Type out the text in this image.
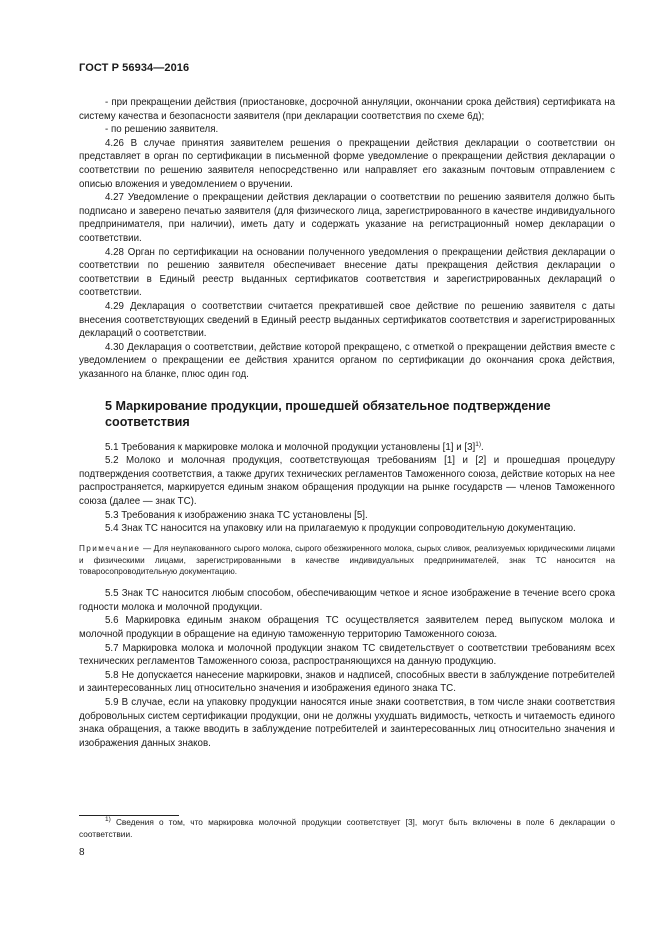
ГОСТ Р 56934—2016

- при прекращении действия (приостановке, досрочной аннуляции, окончании срока действия) сертификата на систему качества и безопасности заявителя (при декларации соответствия по схеме 6д);

- по решению заявителя.

4.26 В случае принятия заявителем решения о прекращении действия декларации о соответствии он представляет в орган по сертификации в письменной форме уведомление о прекращении действия декларации о соответствии по решению заявителя непосредственно или направляет его заказным почтовым отправлением с описью вложения и уведомлением о вручении.

4.27 Уведомление о прекращении действия декларации о соответствии по решению заявителя должно быть подписано и заверено печатью заявителя (для физического лица, зарегистрированного в качестве индивидуального предпринимателя, при наличии), иметь дату и содержать указание на регистрационный номер декларации о соответствии.

4.28 Орган по сертификации на основании полученного уведомления о прекращении действия декларации о соответствии по решению заявителя обеспечивает внесение даты прекращения действия декларации о соответствии в Единый реестр выданных сертификатов соответствия и зарегистрированных деклараций о соответствии.

4.29 Декларация о соответствии считается прекратившей свое действие по решению заявителя с даты внесения соответствующих сведений в Единый реестр выданных сертификатов соответствия и зарегистрированных деклараций о соответствии.

4.30 Декларация о соответствии, действие которой прекращено, с отметкой о прекращении действия вместе с уведомлением о прекращении ее действия хранится органом по сертификации до окончания срока действия, указанного на бланке, плюс один год.

5 Маркирование продукции, прошедшей обязательное подтверждение соответствия

5.1 Требования к маркировке молока и молочной продукции установлены [1] и $[3]^{1)}$.

5.2 Молоко и молочная продукция, соответствующая требованиям [1] и [2] и прошедшая процедуру подтверждения соответствия, а также других технических регламентов Таможенного союза, действие которых на нее распространяется, маркируется единым знаком обращения продукции на рынке государств — членов Таможенного союза (далее — знак ТС).

5.3 Требования к изображению знака ТС установлены [5].

5.4 Знак ТС наносится на упаковку или на прилагаемую к продукции сопроводительную документацию.

Примечание — Для неупакованного сырого молока, сырого обезжиренного молока, сырых сливок, реализуемых юридическими лицами и физическими лицами, зарегистрированными в качестве индивидуальных предпринимателей, знак ТС наносится на товаросопроводительную документацию.

5.5 Знак ТС наносится любым способом, обеспечивающим четкое и ясное изображение в течение всего срока годности молока и молочной продукции.

5.6 Маркировка единым знаком обращения ТС осуществляется заявителем перед выпуском молока и молочной продукции в обращение на единую таможенную территорию Таможенного союза.

5.7 Маркировка молока и молочной продукции знаком ТС свидетельствует о соответствии требованиям всех технических регламентов Таможенного союза, распространяющихся на данную продукцию.

5.8 Не допускается нанесение маркировки, знаков и надписей, способных ввести в заблуждение потребителей и заинтересованных лиц относительно значения и изображения единого знака ТС.

5.9 В случае, если на упаковку продукции наносятся иные знаки соответствия, в том числе знаки соответствия добровольных систем сертификации продукции, они не должны ухудшать видимость, четкость и читаемость единого знака обращения, а также вводить в заблуждение потребителей и заинтересованных лиц относительно значения и изображения данных знаков.

$^{1)}$ Сведения о том, что маркировка молочной продукции соответствует [3], могут быть включены в поле 6 декларации о соответствии.
8
